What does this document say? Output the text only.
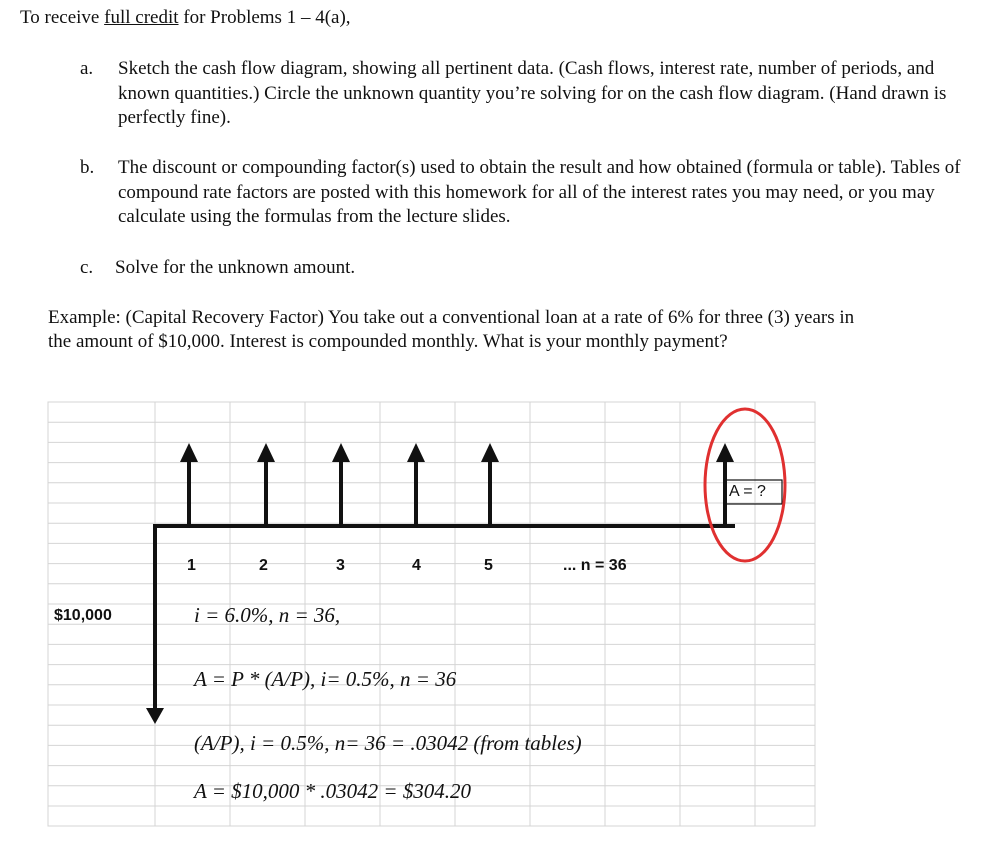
To receive full credit for Problems 1 – 4(a),
a. Sketch the cash flow diagram, showing all pertinent data. (Cash flows, interest rate, number of periods, and known quantities.) Circle the unknown quantity you’re solving for on the cash flow diagram. (Hand drawn is perfectly fine).
b. The discount or compounding factor(s) used to obtain the result and how obtained (formula or table). Tables of compound rate factors are posted with this homework for all of the interest rates you may need, or you may calculate using the formulas from the lecture slides.
c. Solve for the unknown amount.
Example: (Capital Recovery Factor) You take out a conventional loan at a rate of 6% for three (3) years in
the amount of $10,000. Interest is compounded monthly. What is your monthly payment?
1	2	3	4	5	... n = 36
A = ?
$10,000	i = 6.0%, n = 36,
A = P * (A/P), i= 0.5%, n = 36
(A/P), i = 0.5%, n= 36 = .03042 (from tables)
A = $10,000 * .03042 = $304.20
